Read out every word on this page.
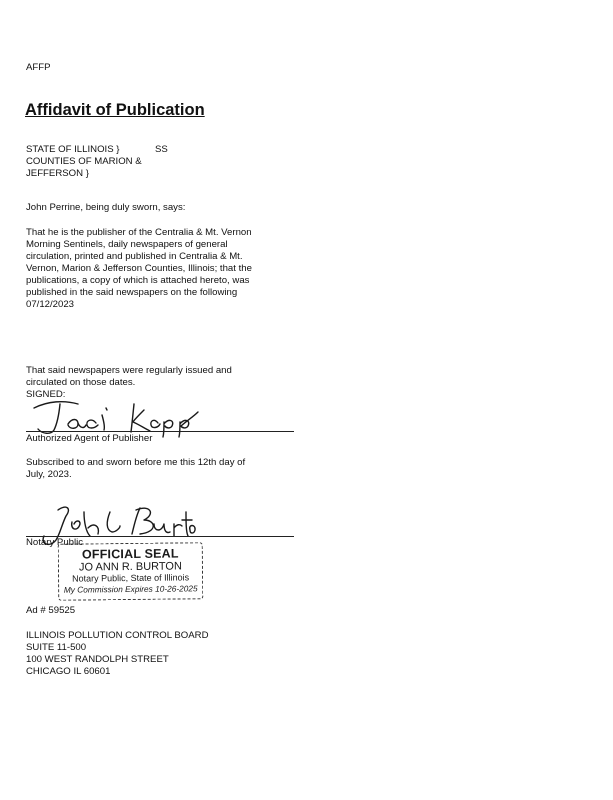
AFFP
Affidavit of Publication
STATE OF ILLINOIS }	SS
COUNTIES OF MARION &
JEFFERSON }
John Perrine, being duly sworn, says:
That he is the publisher of the Centralia & Mt. Vernon
Morning Sentinels, daily newspapers of general
circulation, printed and published in Centralia & Mt.
Vernon, Marion & Jefferson Counties, Illinois; that the
publications, a copy of which is attached hereto, was
published in the said newspapers on the following
07/12/2023
That said newspapers were regularly issued and
circulated on those dates.
SIGNED:
Authorized Agent of Publisher
Subscribed to and sworn before me this 12th day of
July, 2023.
Notary Public
OFFICIAL SEAL
JO ANN R. BURTON
Notary Public, State of Illinois
My Commission Expires 10-26-2025
Ad # 59525
ILLINOIS POLLUTION CONTROL BOARD
SUITE 11-500
100 WEST RANDOLPH STREET
CHICAGO IL 60601
